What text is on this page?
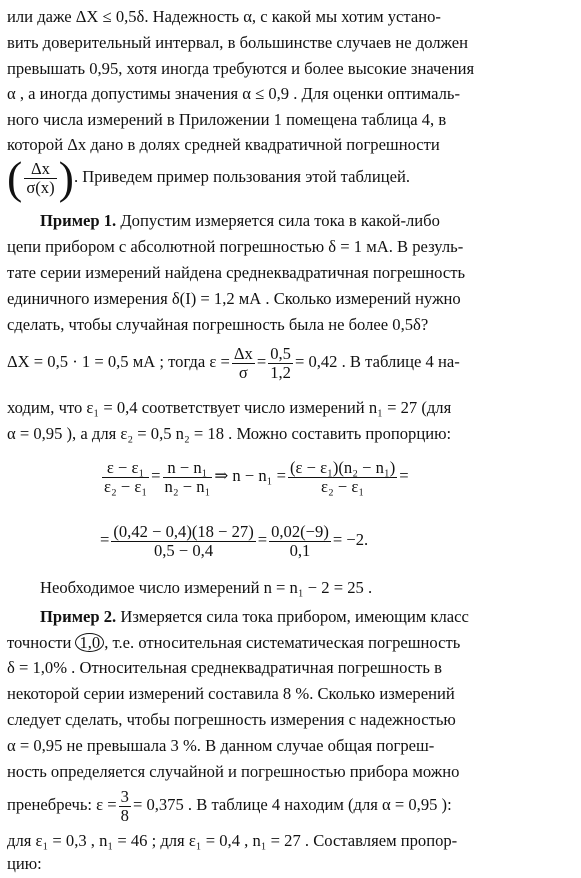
или даже ΔX ≤ 0,5δ. Надежность α, с какой мы хотим устано-
вить доверительный интервал, в большинстве случаев не должен
превышать 0,95, хотя иногда требуются и более высокие значения
α , а иногда допустимы значения α ≤ 0,9 . Для оценки оптималь-
ного числа измерений в Приложении 1 помещена таблица 4, в
которой Δx дано в долях средней квадратичной погрешности
( $\frac{\Delta x}{\sigma(x)}$ ). Приведем пример пользования этой таблицей.
Пример 1. Допустим измеряется сила тока в какой-либо
цепи прибором с абсолютной погрешностью δ = 1 мА. В резуль-
тате серии измерений найдена среднеквадратичная погрешность
единичного измерения δ(I) = 1,2 мА . Сколько измерений нужно
сделать, чтобы случайная погрешность была не более 0,5δ?
ΔX = 0,5 · 1 = 0,5 мА ; тогда $\varepsilon = \frac{\Delta x}{\sigma} = \frac{0,5}{1,2} = 0,42$ . В таблице 4 на-
ходим, что ε₁ = 0,4 соответствует число измерений n₁ = 27 (для
α = 0,95 ), а для ε₂ = 0,5 n₂ = 18 . Можно составить пропорцию:
$\frac{\text{ε − ε₁}}{\text{ε₂ − ε₁}} = \frac{\text{n − n₁}}{\text{n₂ − n₁}}$ ⇒ $n - n_1 = \frac{\text{(ε − ε₁)(n₂ − n₁)}}{\text{ε₂ − ε₁}}$ =
= $\frac{(0,42 - 0,4)(18 - 27)}{0,5 - 0,4} = \frac{0,02(-9)}{0,1} = -2$.
Необходимое число измерений n = n₁ − 2 = 25 .
Пример 2. Измеряется сила тока прибором, имеющим класс
точности 1,0 , т.е. относительная систематическая погрешность
δ = 1,0% . Относительная среднеквадратичная погрешность в
некоторой серии измерений составила 8 %. Сколько измерений
следует сделать, чтобы погрешность измерения с надежностью
α = 0,95 не превышала 3 %. В данном случае общая погреш-
ность определяется случайной и погрешностью прибора можно
пренебречь: $\varepsilon = \frac{3}{8} = 0,375$ . В таблице 4 находим (для α = 0,95 ):
для ε₁ = 0,3 , n₁ = 46 ; для ε₁ = 0,4 , n₁ = 27 . Составляем пропор-
цию:
